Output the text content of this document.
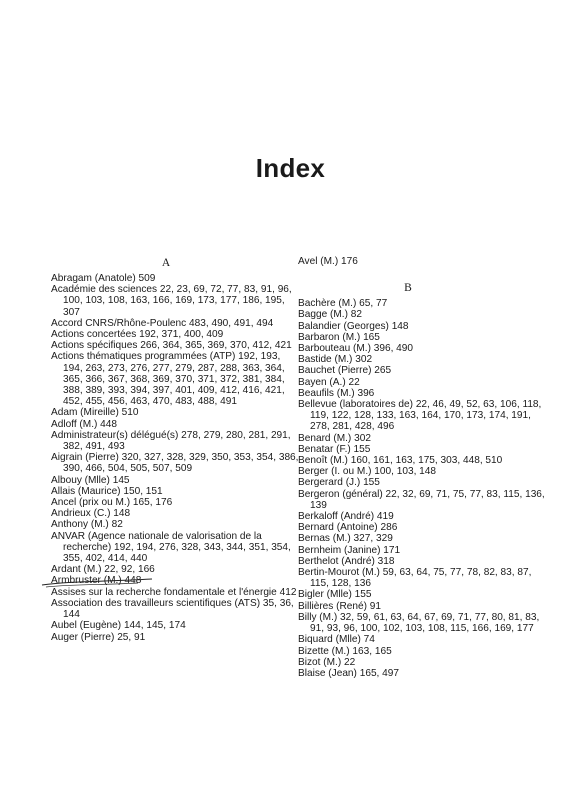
Index
A
Abragam (Anatole) 509
Académie des sciences 22, 23, 69, 72, 77, 83, 91, 96, 100, 103, 108, 163, 166, 169, 173, 177, 186, 195, 307
Accord CNRS/Rhône-Poulenc 483, 490, 491, 494
Actions concertées 192, 371, 400, 409
Actions spécifiques 266, 364, 365, 369, 370, 412, 421
Actions thématiques programmées (ATP) 192, 193, 194, 263, 273, 276, 277, 279, 287, 288, 363, 364, 365, 366, 367, 368, 369, 370, 371, 372, 381, 384, 388, 389, 393, 394, 397, 401, 409, 412, 416, 421, 452, 455, 456, 463, 470, 483, 488, 491
Adam (Mireille) 510
Adloff (M.) 448
Administrateur(s) délégué(s) 278, 279, 280, 281, 291, 382, 491, 493
Aigrain (Pierre) 320, 327, 328, 329, 350, 353, 354, 386, 390, 466, 504, 505, 507, 509
Albouy (Mlle) 145
Allais (Maurice) 150, 151
Ancel (prix ou M.) 165, 176
Andrieux (C.) 148
Anthony (M.) 82
ANVAR (Agence nationale de valorisation de la recherche) 192, 194, 276, 328, 343, 344, 351, 354, 355, 402, 414, 440
Ardant (M.) 22, 92, 166
Armbruster (M.) 448
Assises sur la recherche fondamentale et l'énergie 412
Association des travailleurs scientifiques (ATS) 35, 36, 144
Aubel (Eugène) 144, 145, 174
Auger (Pierre) 25, 91
Avel (M.) 176
B
Bachère (M.) 65, 77
Bagge (M.) 82
Balandier (Georges) 148
Barbaron (M.) 165
Barbouteau (M.) 396, 490
Bastide (M.) 302
Bauchet (Pierre) 265
Bayen (A.) 22
Beaufils (M.) 396
Bellevue (laboratoires de) 22, 46, 49, 52, 63, 106, 118, 119, 122, 128, 133, 163, 164, 170, 173, 174, 191, 278, 281, 428, 496
Benard (M.) 302
Benatar (F.) 155
Benoît (M.) 160, 161, 163, 175, 303, 448, 510
Berger (I. ou M.) 100, 103, 148
Bergerard (J.) 155
Bergeron (général) 22, 32, 69, 71, 75, 77, 83, 115, 136, 139
Berkaloff (André) 419
Bernard (Antoine) 286
Bernas (M.) 327, 329
Bernheim (Janine) 171
Berthelot (André) 318
Bertin-Mourot (M.) 59, 63, 64, 75, 77, 78, 82, 83, 87, 115, 128, 136
Bigler (Mlle) 155
Billières (René) 91
Billy (M.) 32, 59, 61, 63, 64, 67, 69, 71, 77, 80, 81, 83, 91, 93, 96, 100, 102, 103, 108, 115, 166, 169, 177
Biquard (Mlle) 74
Bizette (M.) 163, 165
Bizot (M.) 22
Blaise (Jean) 165, 497
